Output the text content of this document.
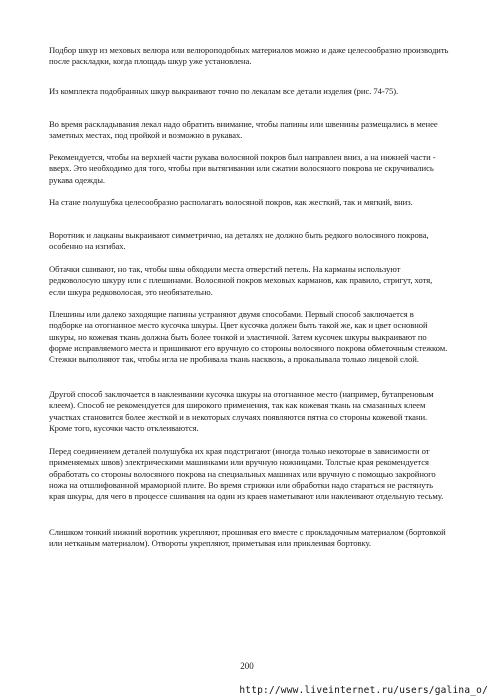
Подбор шкур из меховых велюра или велюроподобных материалов можно и даже целесообразно производить после раскладки, когда площадь шкур уже установлена.

Из комплекта подобранных шкур выкраивают точно по лекалам все детали изделия (рис. 74-75).

Во время раскладывания лекал надо обратить внимание, чтобы папины или швенины размещались в менее заметных местах, под пройкой и возможно в рукавах.

Рекомендуется, чтобы на верхней части рукава волосяной покров был направлен вниз, а на нижней части - вверх. Это необходимо для того, чтобы при вытягивании или сжатии волосяного покрова не скручивались рукава одежды.

На стане полушубка целесообразно располагать волосяной покров, как жесткий, так и мягкий, вниз.

Воротник и лацканы выкраивают симметрично, на деталях не должно быть редкого волосяного покрова, особенно на изгибах.

Обтачки сшивают, но так, чтобы швы обходили места отверстий петель. На карманы используют редковолосую шкуру или с плешинами. Волосяной покров меховых карманов, как правило, стригут, хотя, если шкура редковолосая, это необязательно.

Плешины или далеко заходящие папины устраняют двумя способами. Первый способ заключается в подборке на отогнанное место кусочка шкуры. Цвет кусочка должен быть такой же, как и цвет основной шкуры, но кожевая ткань должна быть более тонкой и эластичной. Затем кусочек шкуры выкраивают по форме исправляемого места и пришивают его вручную со стороны волосяного покрова обметочным стежком. Стежки выполняют так, чтобы игла не пробивала ткань насквозь, а прокалывала только лицевой слой.

Другой способ заключается в наклеивании кусочка шкуры на отогнанное место (например, бутапреновым клеем). Способ не рекомендуется для широкого применения, так как кожевая ткань на смазанных клеем участках становится более жесткой и в некоторых случаях появляются пятна со стороны кожевой ткани. Кроме того, кусочки часто отклеиваются.

Перед соединением деталей полушубка их края подстригают (иногда только некоторые в зависимости от применяемых швов) электрическими машинками или вручную ножницами. Толстые края рекомендуется обработать со стороны волосяного покрова на специальных машинах или вручную с помощью закройного ножа на отшлифованной мраморной плите. Во время стрижки или обработки надо стараться не растянуть края шкуры, для чего в процессе сшивания на один из краев наметывают или наклеивают отдельную тесьму.

Слишком тонкий нижний воротник укрепляют, прошивая его вместе с прокладочным материалом (бортовкой или нетканым материалом). Отвороты укрепляют, приметывая или приклеивая бортовку.

200
http://www.liveinternet.ru/users/galina_o/
